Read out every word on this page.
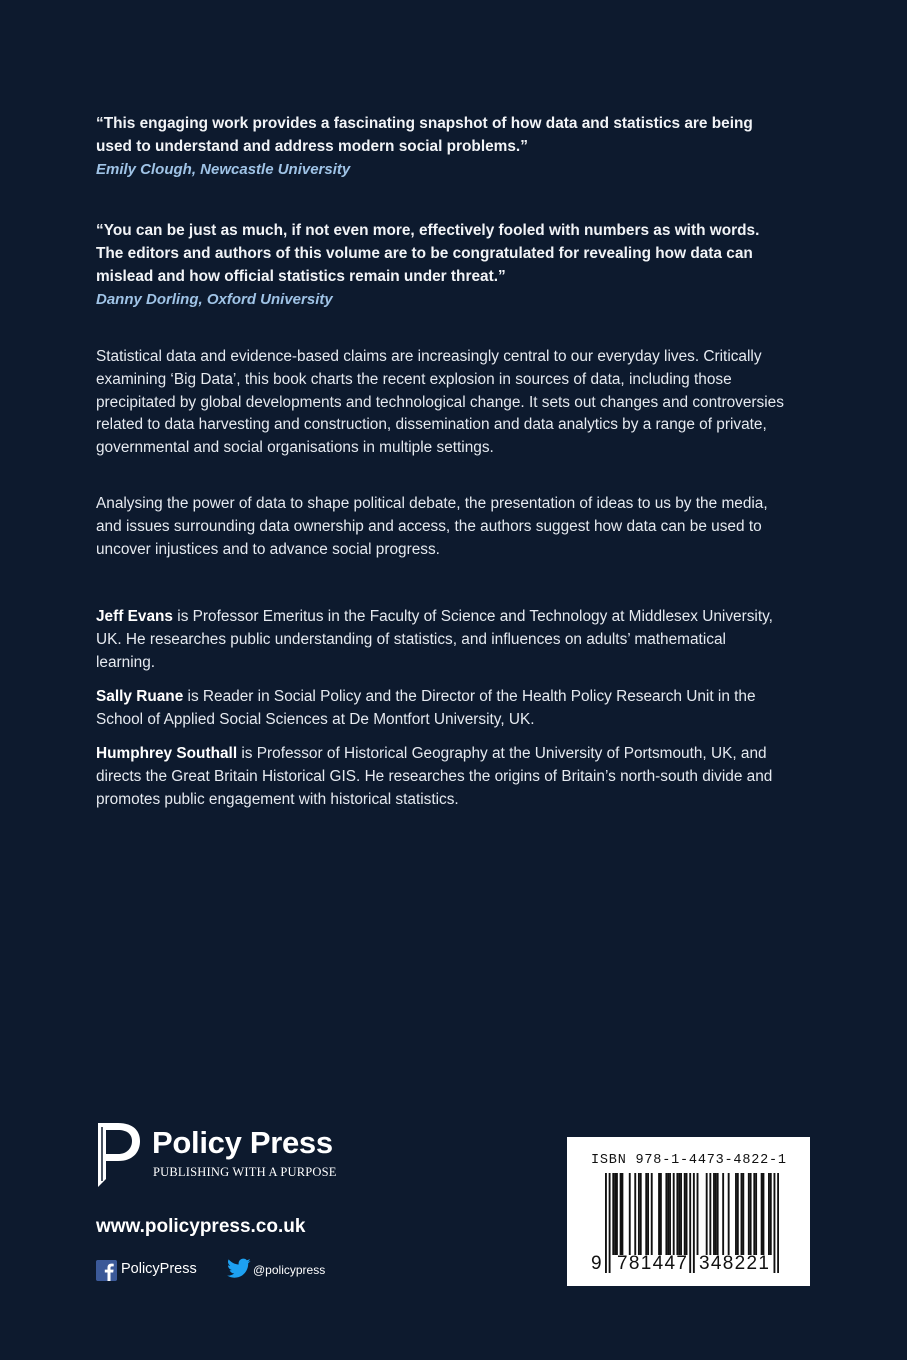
“This engaging work provides a fascinating snapshot of how data and statistics are being used to understand and address modern social problems.”

Emily Clough, Newcastle University

“You can be just as much, if not even more, effectively fooled with numbers as with words. The editors and authors of this volume are to be congratulated for revealing how data can mislead and how official statistics remain under threat.”

Danny Dorling, Oxford University

Statistical data and evidence-based claims are increasingly central to our everyday lives. Critically examining ‘Big Data’, this book charts the recent explosion in sources of data, including those precipitated by global developments and technological change. It sets out changes and controversies related to data harvesting and construction, dissemination and data analytics by a range of private, governmental and social organisations in multiple settings.

Analysing the power of data to shape political debate, the presentation of ideas to us by the media, and issues surrounding data ownership and access, the authors suggest how data can be used to uncover injustices and to advance social progress.

Jeff Evans is Professor Emeritus in the Faculty of Science and Technology at Middlesex University, UK. He researches public understanding of statistics, and influences on adults’ mathematical learning.

Sally Ruane is Reader in Social Policy and the Director of the Health Policy Research Unit in the School of Applied Social Sciences at De Montfort University, UK.

Humphrey Southall is Professor of Historical Geography at the University of Portsmouth, UK, and directs the Great Britain Historical GIS. He researches the origins of Britain’s north-south divide and promotes public engagement with historical statistics.

Policy Press
PUBLISHING WITH A PURPOSE
www.policypress.co.uk
PolicyPress	@policypress
ISBN 978-1-4473-4822-1
9 781447 348221
